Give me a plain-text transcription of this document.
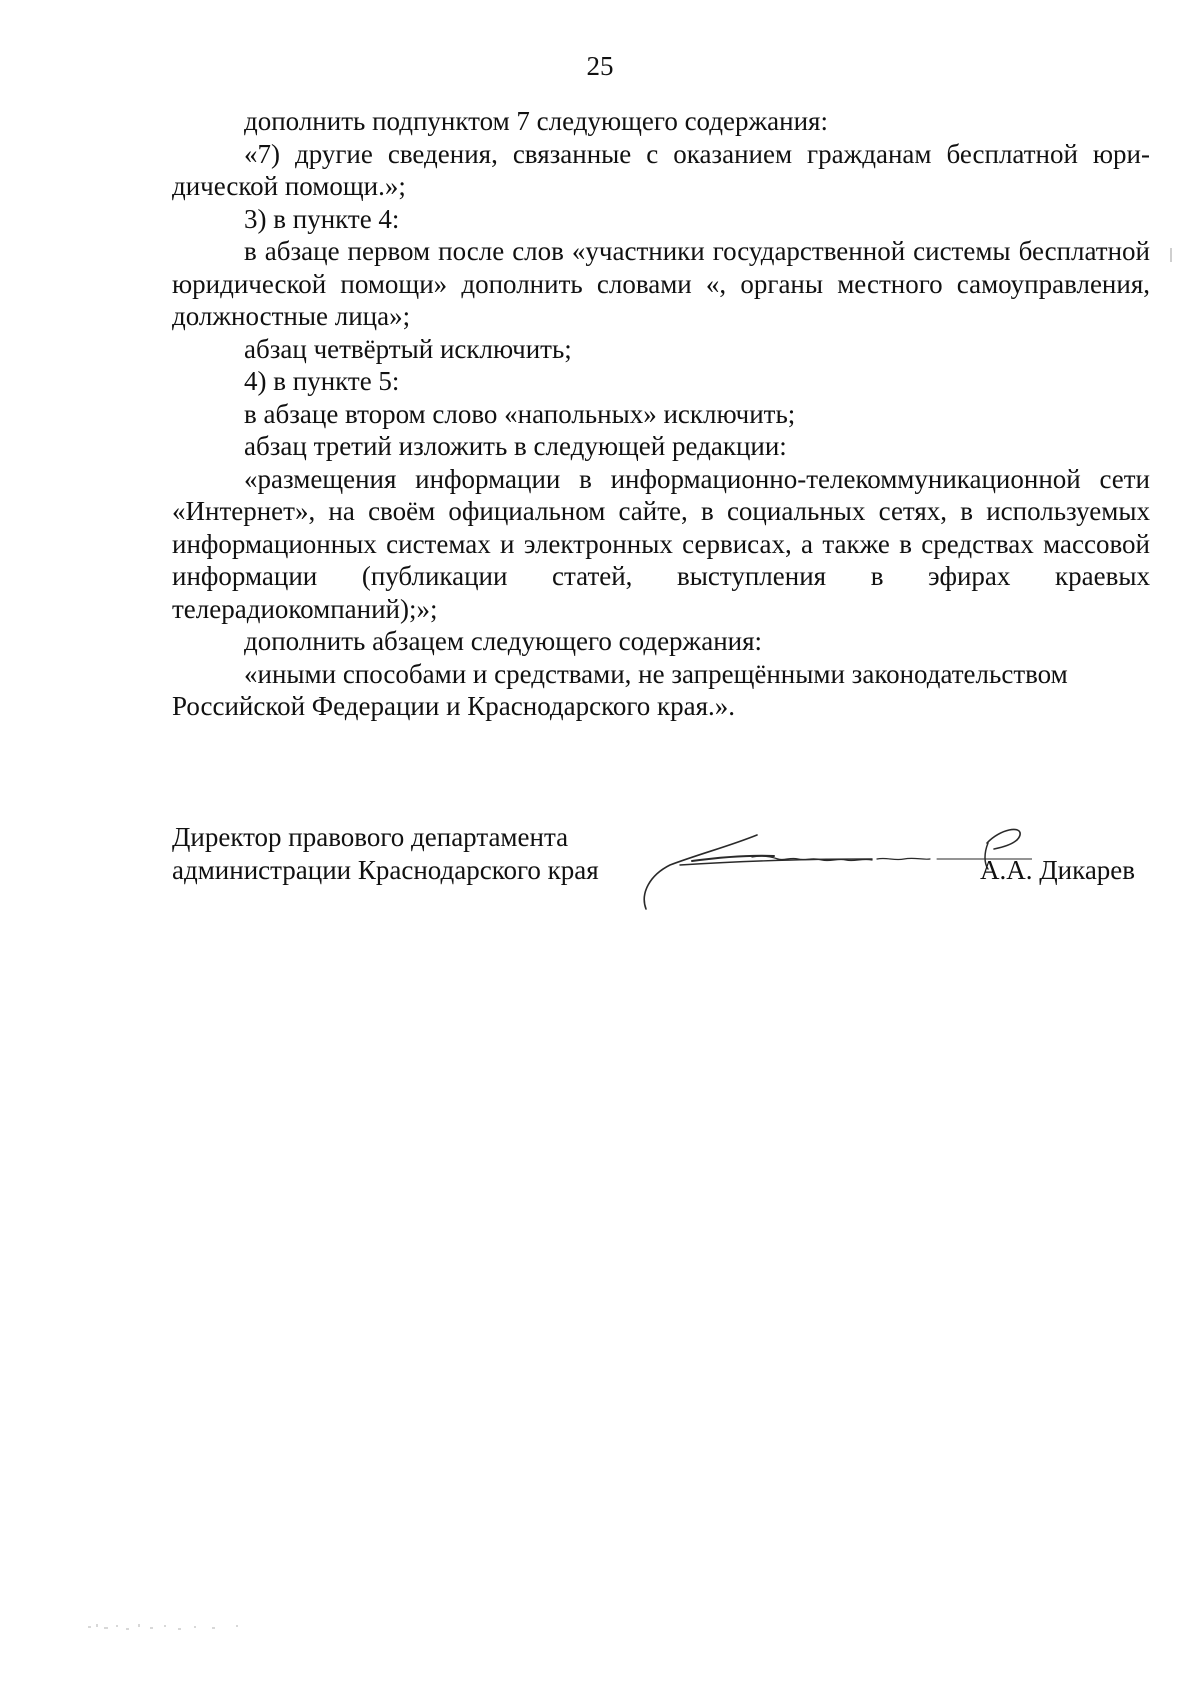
25

дополнить подпунктом 7 следующего содержания:

«7) другие сведения, связанные с оказанием гражданам бесплатной юри-дической помощи.»;

3) в пункте 4:

в абзаце первом после слов «участники государственной системы бесплатной юридической помощи» дополнить словами «, органы местного самоуправления, должностные лица»;

абзац четвёртый исключить;

4) в пункте 5:

в абзаце втором слово «напольных» исключить;

абзац третий изложить в следующей редакции:

«размещения информации в информационно-телекоммуникационной сети «Интернет», на своём официальном сайте, в социальных сетях, в используемых информационных системах и электронных сервисах, а также в средствах массовой информации (публикации статей, выступления в эфирах краевых телерадиокомпаний);»;

дополнить абзацем следующего содержания:

«иными способами и средствами, не запрещёнными законодательством Российской Федерации и Краснодарского края.».

Директор правового департамента
администрации Краснодарского края	А.А. Дикарев
